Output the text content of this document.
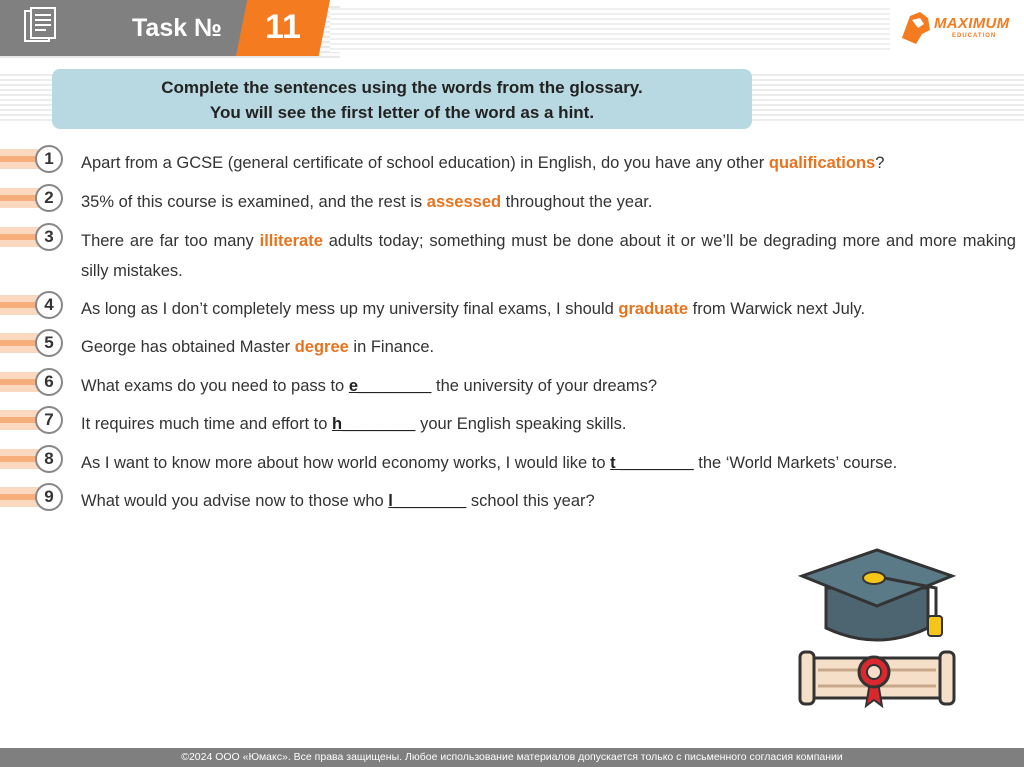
Task №	11	MAXIMUM
EDUCATION
Complete the sentences using the words from the glossary.
You will see the first letter of the word as a hint.
1	Apart from a GCSE (general certificate of school education) in English, do you have any other qualifications?
2	35% of this course is examined, and the rest is assessed throughout the year.
3	There are far too many illiterate adults today; something must be done about it or we’ll be degrading more and more making silly mistakes.
4	As long as I don’t completely mess up my university final exams, I should graduate from Warwick next July.
5	George has obtained Master degree in Finance.
6	What exams do you need to pass to e________ the university of your dreams?
7	It requires much time and effort to h________ your English speaking skills.
8	As I want to know more about how world economy works, I would like to t ________ the ‘World Markets’ course.
9	What would you advise now to those who l________ school this year?
©2024 ООО «Юмакс». Все права защищены. Любое использование материалов допускается только с письменного согласия компании
